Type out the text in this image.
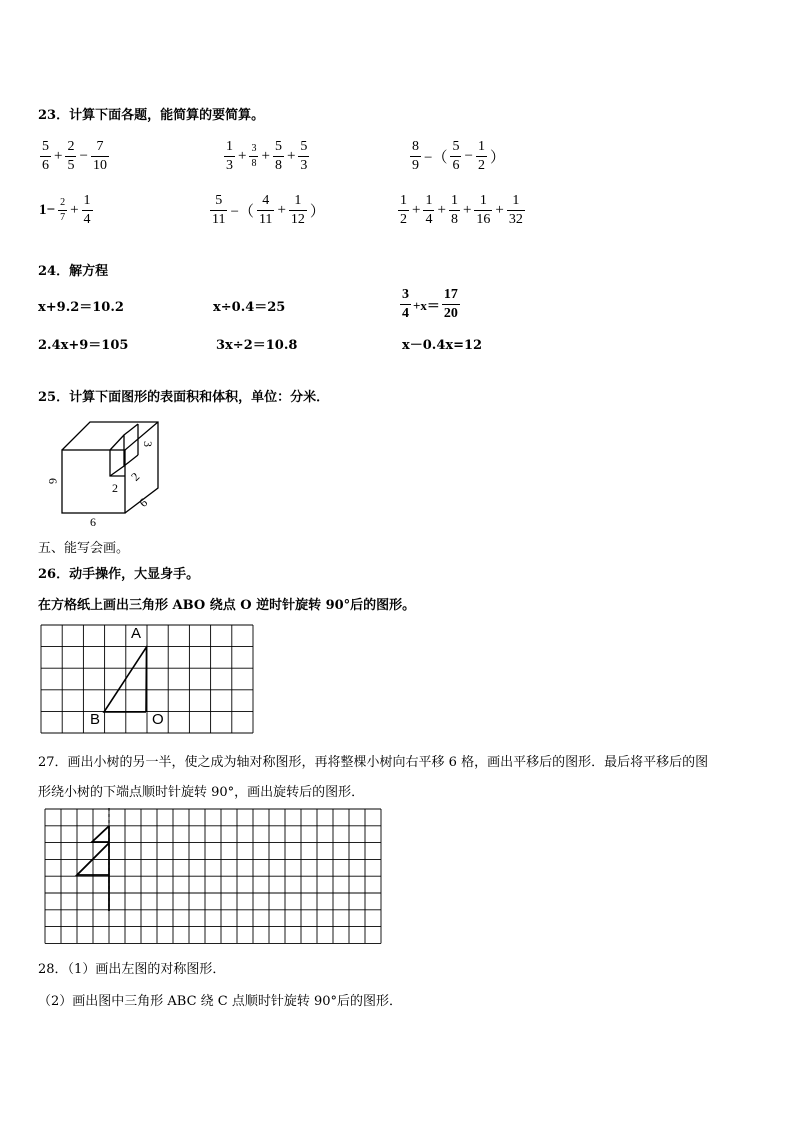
23．计算下面各题，能简算的要简算。
$\frac{5}{6} + \frac{2}{5} - \frac{7}{10}$	$\frac{1}{3} + \frac{3}{8} + \frac{5}{8} + \frac{5}{3}$	$\frac{8}{9}$ −（ $\frac{5}{6} - \frac{1}{2}$ ）
$1- \frac{2}{7} + \frac{1}{4}$	$\frac{5}{11}$ −（ $\frac{4}{11} + \frac{1}{12}$ ）	$\frac{1}{2} + \frac{1}{4} + \frac{1}{8} + \frac{1}{16} + \frac{1}{32}$
24．解方程
x+9.2＝10.2	x÷0.4＝25	$\frac{3}{4} +x= \frac{17}{20}$
2.4x+9＝105	3x÷2＝10.8	x－0.4x=12
25．计算下面图形的表面积和体积，单位：分米．
6
6
6
2
2
3
五、能写会画。
26．动手操作，大显身手。
在方格纸上画出三角形 ABO 绕点 O 逆时针旋转 90°后的图形。
A
B	O
27．画出小树的另一半，使之成为轴对称图形，再将整棵小树向右平移 6 格，画出平移后的图形．最后将平移后的图
形绕小树的下端点顺时针旋转 90°，画出旋转后的图形．
28．（1）画出左图的对称图形．
（2）画出图中三角形 ABC 绕 C 点顺时针旋转 90°后的图形．
